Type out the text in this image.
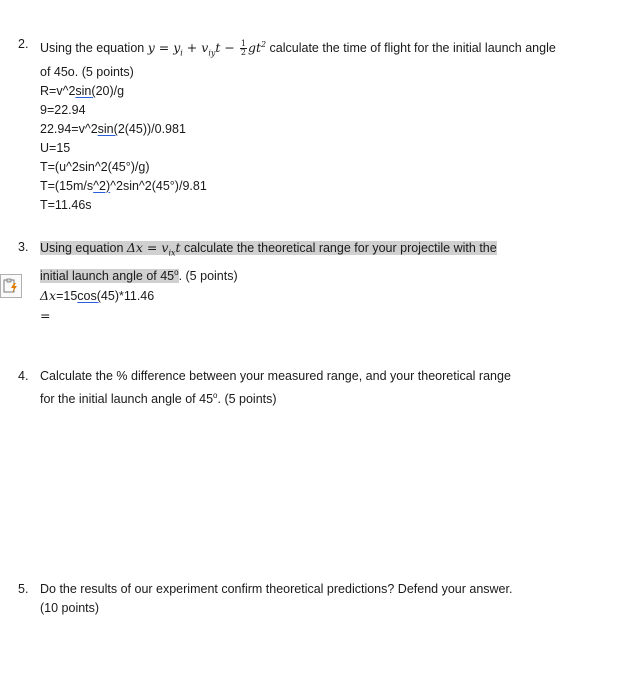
2. Using the equation $y = y_i + v_{iy}t - \frac{1}{2} gt^2$ calculate the time of flight for the initial launch angle
of 45o. (5 points)
R=v^2sin(20)/g
9=22.94
22.94=v^2sin(2(45))/0.981
U=15
T=(u^2sin^2(45°)/g)
T=(15m/s^2)^2sin^2(45°)/9.81
T=11.46s
3. Using equation $\Delta x = v_{ix}t$ calculate the theoretical range for your projectile with the
initial launch angle of 45$^o$. (5 points)
Δx=15cos(45)*11.46
=
4. Calculate the % difference between your measured range, and your theoretical range
for the initial launch angle of 45$^o$. (5 points)
5. Do the results of our experiment confirm theoretical predictions? Defend your answer.
(10 points)
